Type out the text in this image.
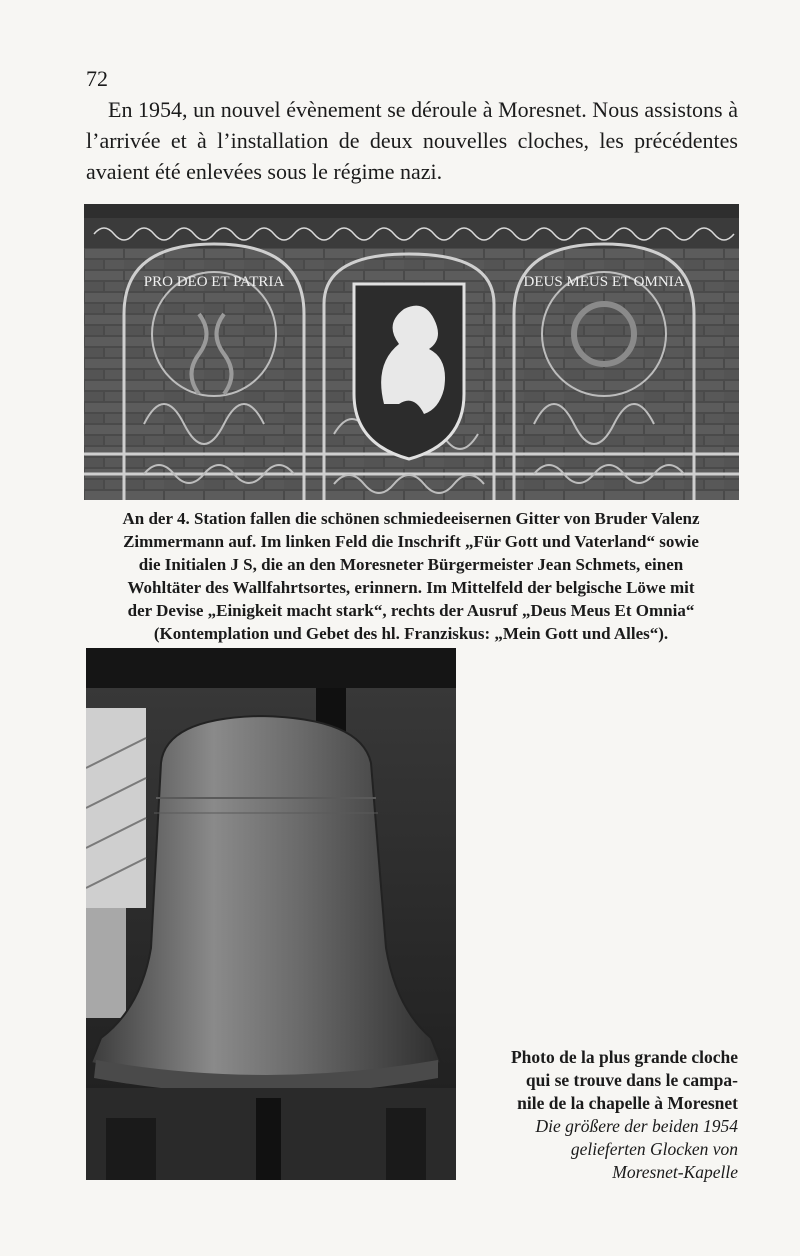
72

En 1954, un nouvel évènement se déroule à Moresnet. Nous assistons à l’arrivée et à l’installation de deux nouvelles cloches, les précédentes avaient été enlevées sous le régime nazi.

PRO DEO ET PATRIA	DEUS MEUS ET OMNIA
An der 4. Station fallen die schönen schmiedeeisernen Gitter von Bruder Valenz
Zimmermann auf. Im linken Feld die Inschrift „Für Gott und Vaterland“ sowie
die Initialen J S, die an den Moresneter Bürgermeister Jean Schmets, einen
Wohltäter des Wallfahrtsortes, erinnern. Im Mittelfeld der belgische Löwe mit
der Devise „Einigkeit macht stark“, rechts der Ausruf „Deus Meus Et Omnia“
(Kontemplation und Gebet des hl. Franziskus: „Mein Gott und Alles“).
Photo de la plus grande cloche
qui se trouve dans le campa-
nile de la chapelle à Moresnet
Die größere der beiden 1954
gelieferten Glocken von
Moresnet-Kapelle
